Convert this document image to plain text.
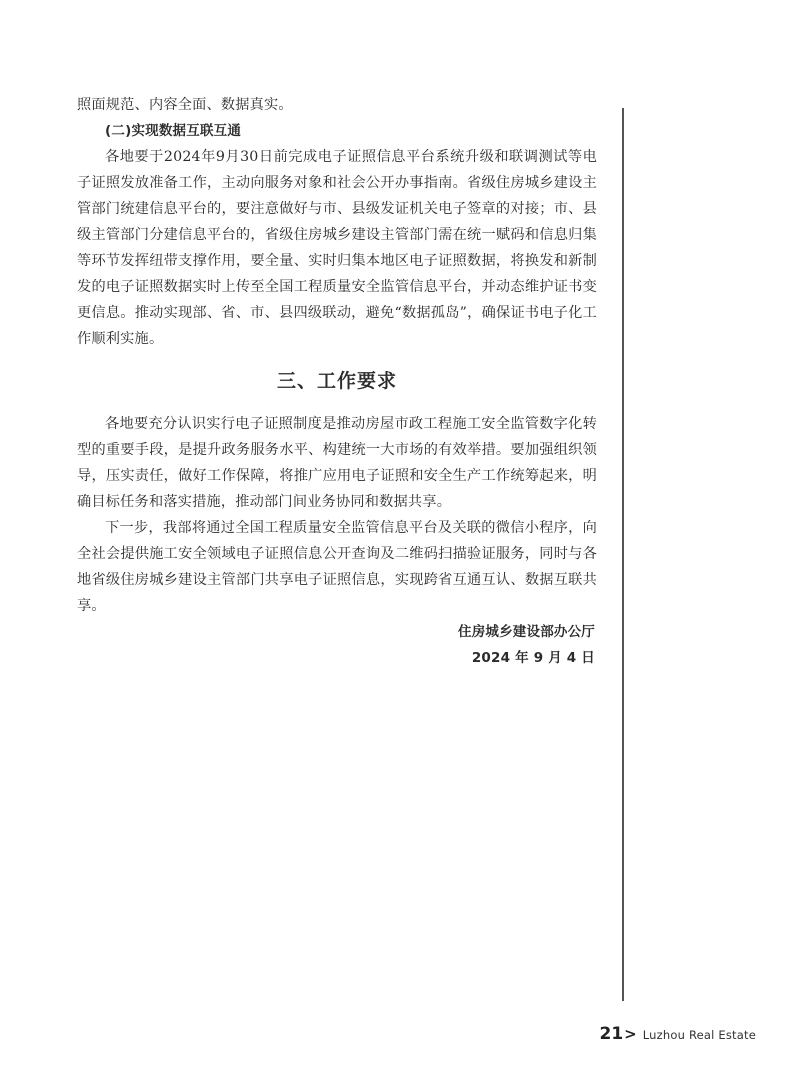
照面规范、内容全面、数据真实。

(二)实现数据互联互通

各地要于2024年9月30日前完成电子证照信息平台系统升级和联调测试等电子证照发放准备工作，主动向服务对象和社会公开办事指南。省级住房城乡建设主管部门统建信息平台的，要注意做好与市、县级发证机关电子签章的对接；市、县级主管部门分建信息平台的，省级住房城乡建设主管部门需在统一赋码和信息归集等环节发挥纽带支撑作用，要全量、实时归集本地区电子证照数据，将换发和新制发的电子证照数据实时上传至全国工程质量安全监管信息平台，并动态维护证书变更信息。推动实现部、省、市、县四级联动，避免“数据孤岛”，确保证书电子化工作顺利实施。

三、工作要求

各地要充分认识实行电子证照制度是推动房屋市政工程施工安全监管数字化转型的重要手段，是提升政务服务水平、构建统一大市场的有效举措。要加强组织领导，压实责任，做好工作保障，将推广应用电子证照和安全生产工作统筹起来，明确目标任务和落实措施，推动部门间业务协同和数据共享。

下一步，我部将通过全国工程质量安全监管信息平台及关联的微信小程序，向全社会提供施工安全领域电子证照信息公开查询及二维码扫描验证服务，同时与各地省级住房城乡建设主管部门共享电子证照信息，实现跨省互通互认、数据互联共享。

住房城乡建设部办公厅

2024 年 9 月 4 日

21 > Luzhou Real Estate
